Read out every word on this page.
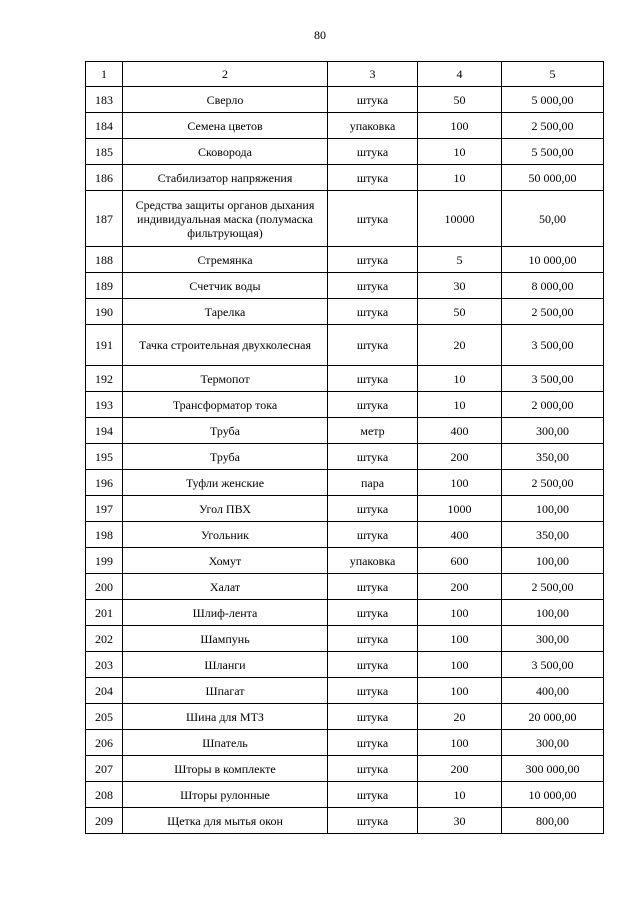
80
1	2	3	4	5
183	Сверло	штука	50	5 000,00
184	Семена цветов	упаковка	100	2 500,00
185	Сковорода	штука	10	5 500,00
186	Стабилизатор напряжения	штука	10	50 000,00
187	Средства защиты органов дыхания индивидуальная маска (полумаска фильтрующая)	штука	10000	50,00
188	Стремянка	штука	5	10 000,00
189	Счетчик воды	штука	30	8 000,00
190	Тарелка	штука	50	2 500,00
191	Тачка строительная двухколесная	штука	20	3 500,00
192	Термопот	штука	10	3 500,00
193	Трансформатор тока	штука	10	2 000,00
194	Труба	метр	400	300,00
195	Труба	штука	200	350,00
196	Туфли женские	пара	100	2 500,00
197	Угол ПВХ	штука	1000	100,00
198	Угольник	штука	400	350,00
199	Хомут	упаковка	600	100,00
200	Халат	штука	200	2 500,00
201	Шлиф-лента	штука	100	100,00
202	Шампунь	штука	100	300,00
203	Шланги	штука	100	3 500,00
204	Шпагат	штука	100	400,00
205	Шина для МТЗ	штука	20	20 000,00
206	Шпатель	штука	100	300,00
207	Шторы в комплекте	штука	200	300 000,00
208	Шторы рулонные	штука	10	10 000,00
209	Щетка для мытья окон	штука	30	800,00
